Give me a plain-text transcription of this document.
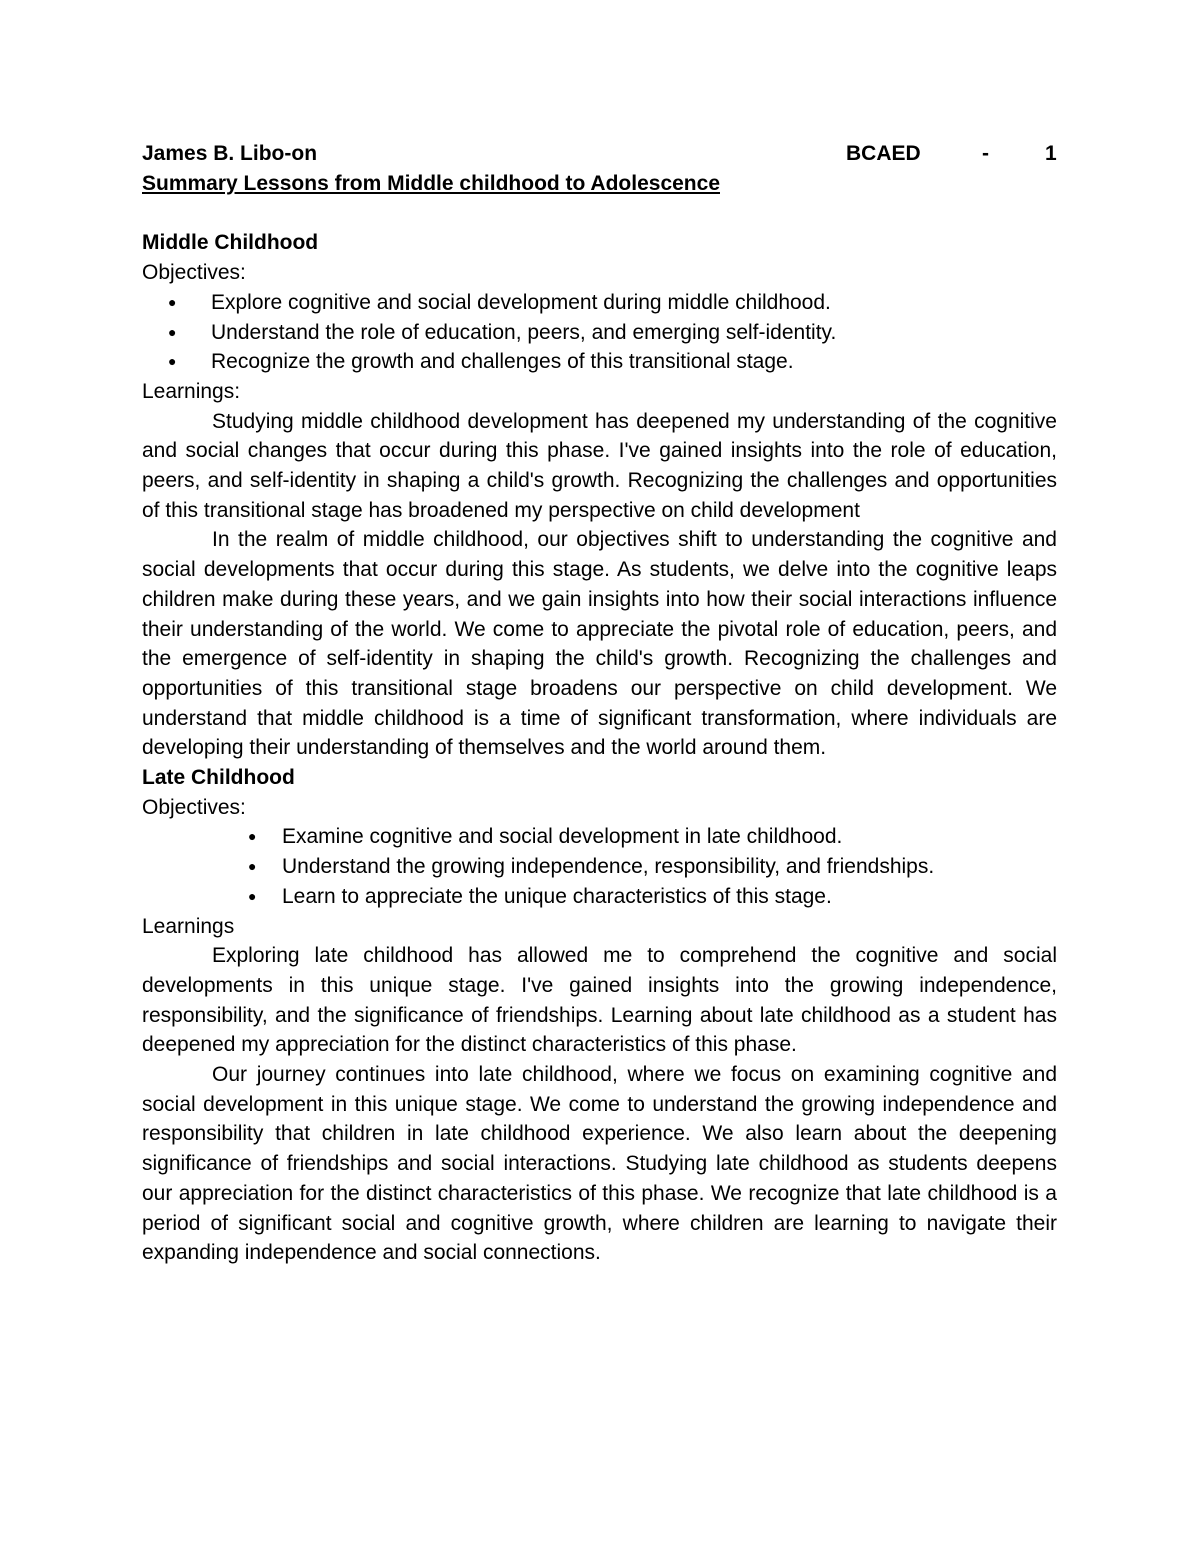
James B. Libo-on	BCAED	-	1

Summary Lessons from Middle childhood to Adolescence

Middle Childhood

Objectives:

● Explore cognitive and social development during middle childhood.
● Understand the role of education, peers, and emerging self-identity.
● Recognize the growth and challenges of this transitional stage.

Learnings:

Studying middle childhood development has deepened my understanding of the cognitive and social changes that occur during this phase. I've gained insights into the role of education, peers, and self-identity in shaping a child's growth. Recognizing the challenges and opportunities of this transitional stage has broadened my perspective on child development

In the realm of middle childhood, our objectives shift to understanding the cognitive and social developments that occur during this stage. As students, we delve into the cognitive leaps children make during these years, and we gain insights into how their social interactions influence their understanding of the world. We come to appreciate the pivotal role of education, peers, and the emergence of self-identity in shaping the child's growth. Recognizing the challenges and opportunities of this transitional stage broadens our perspective on child development. We understand that middle childhood is a time of significant transformation, where individuals are developing their understanding of themselves and the world around them.

Late Childhood

Objectives:

● Examine cognitive and social development in late childhood.
● Understand the growing independence, responsibility, and friendships.
● Learn to appreciate the unique characteristics of this stage.

Learnings

Exploring late childhood has allowed me to comprehend the cognitive and social developments in this unique stage. I've gained insights into the growing independence, responsibility, and the significance of friendships. Learning about late childhood as a student has deepened my appreciation for the distinct characteristics of this phase.

Our journey continues into late childhood, where we focus on examining cognitive and social development in this unique stage. We come to understand the growing independence and responsibility that children in late childhood experience. We also learn about the deepening significance of friendships and social interactions. Studying late childhood as students deepens our appreciation for the distinct characteristics of this phase. We recognize that late childhood is a period of significant social and cognitive growth, where children are learning to navigate their expanding independence and social connections.
